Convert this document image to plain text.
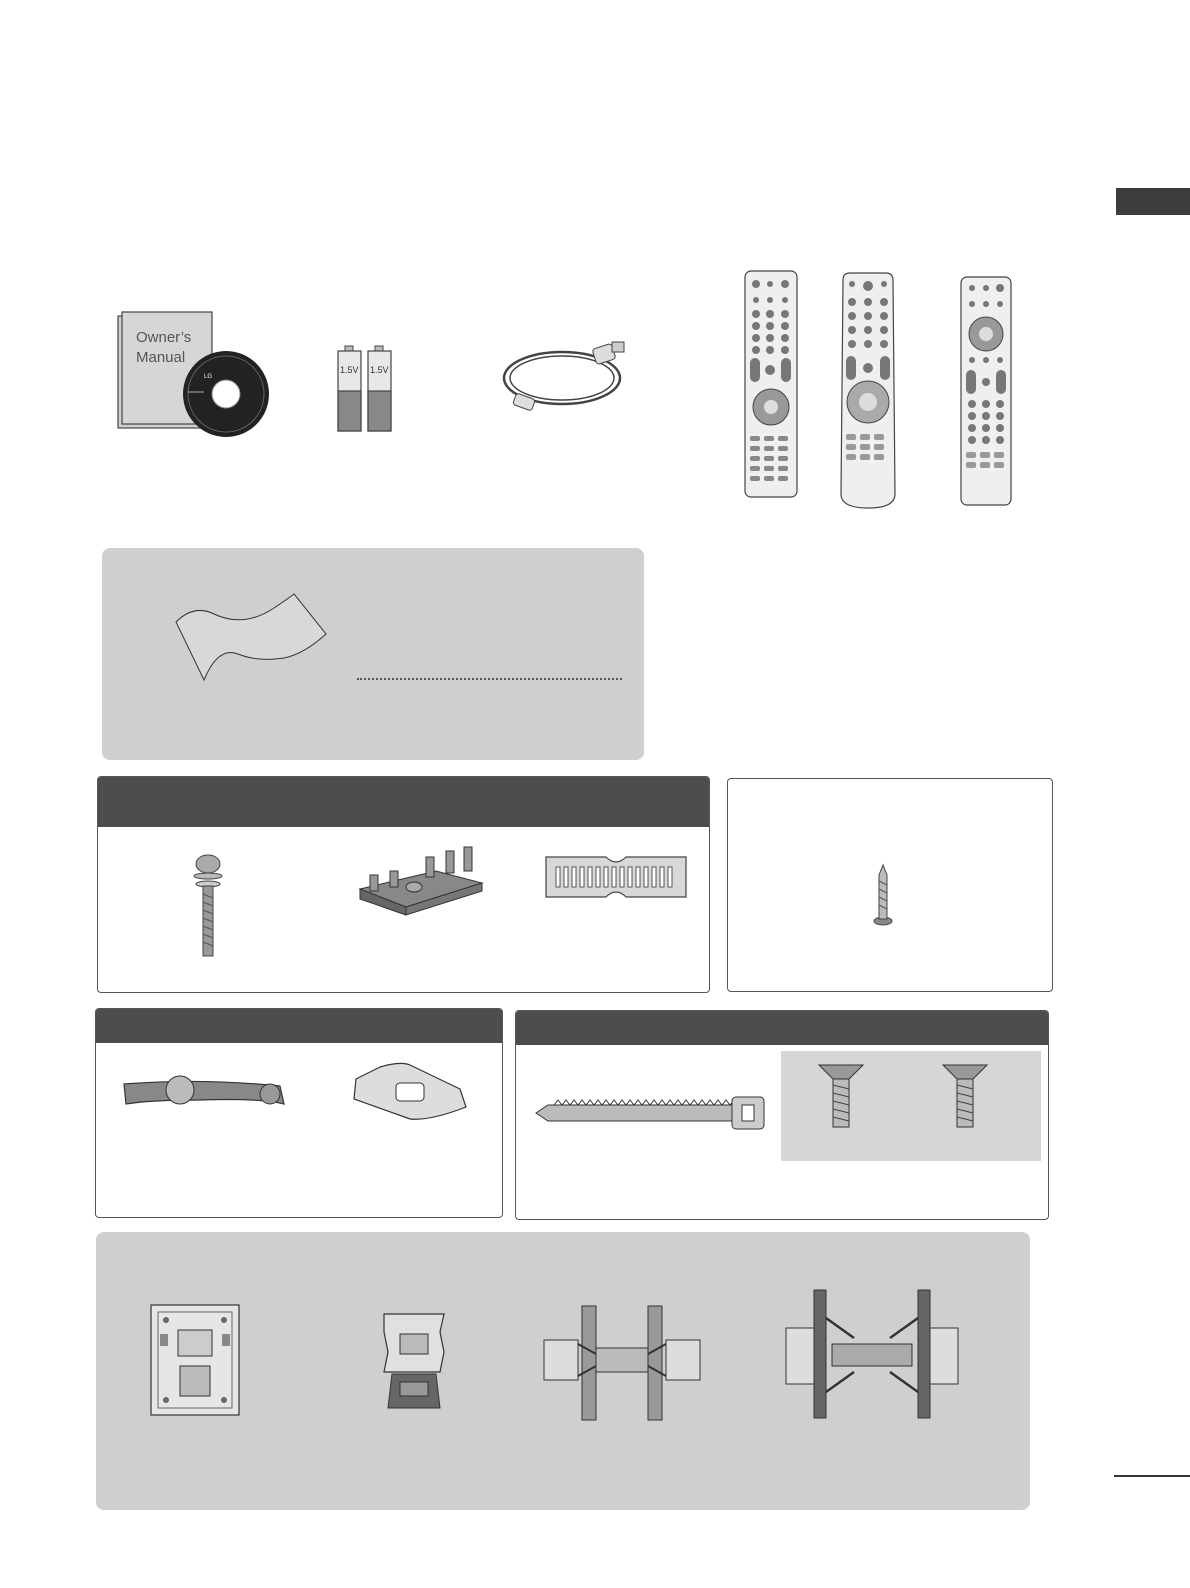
Owner’s
Manual
LG
1.5V 1.5V
